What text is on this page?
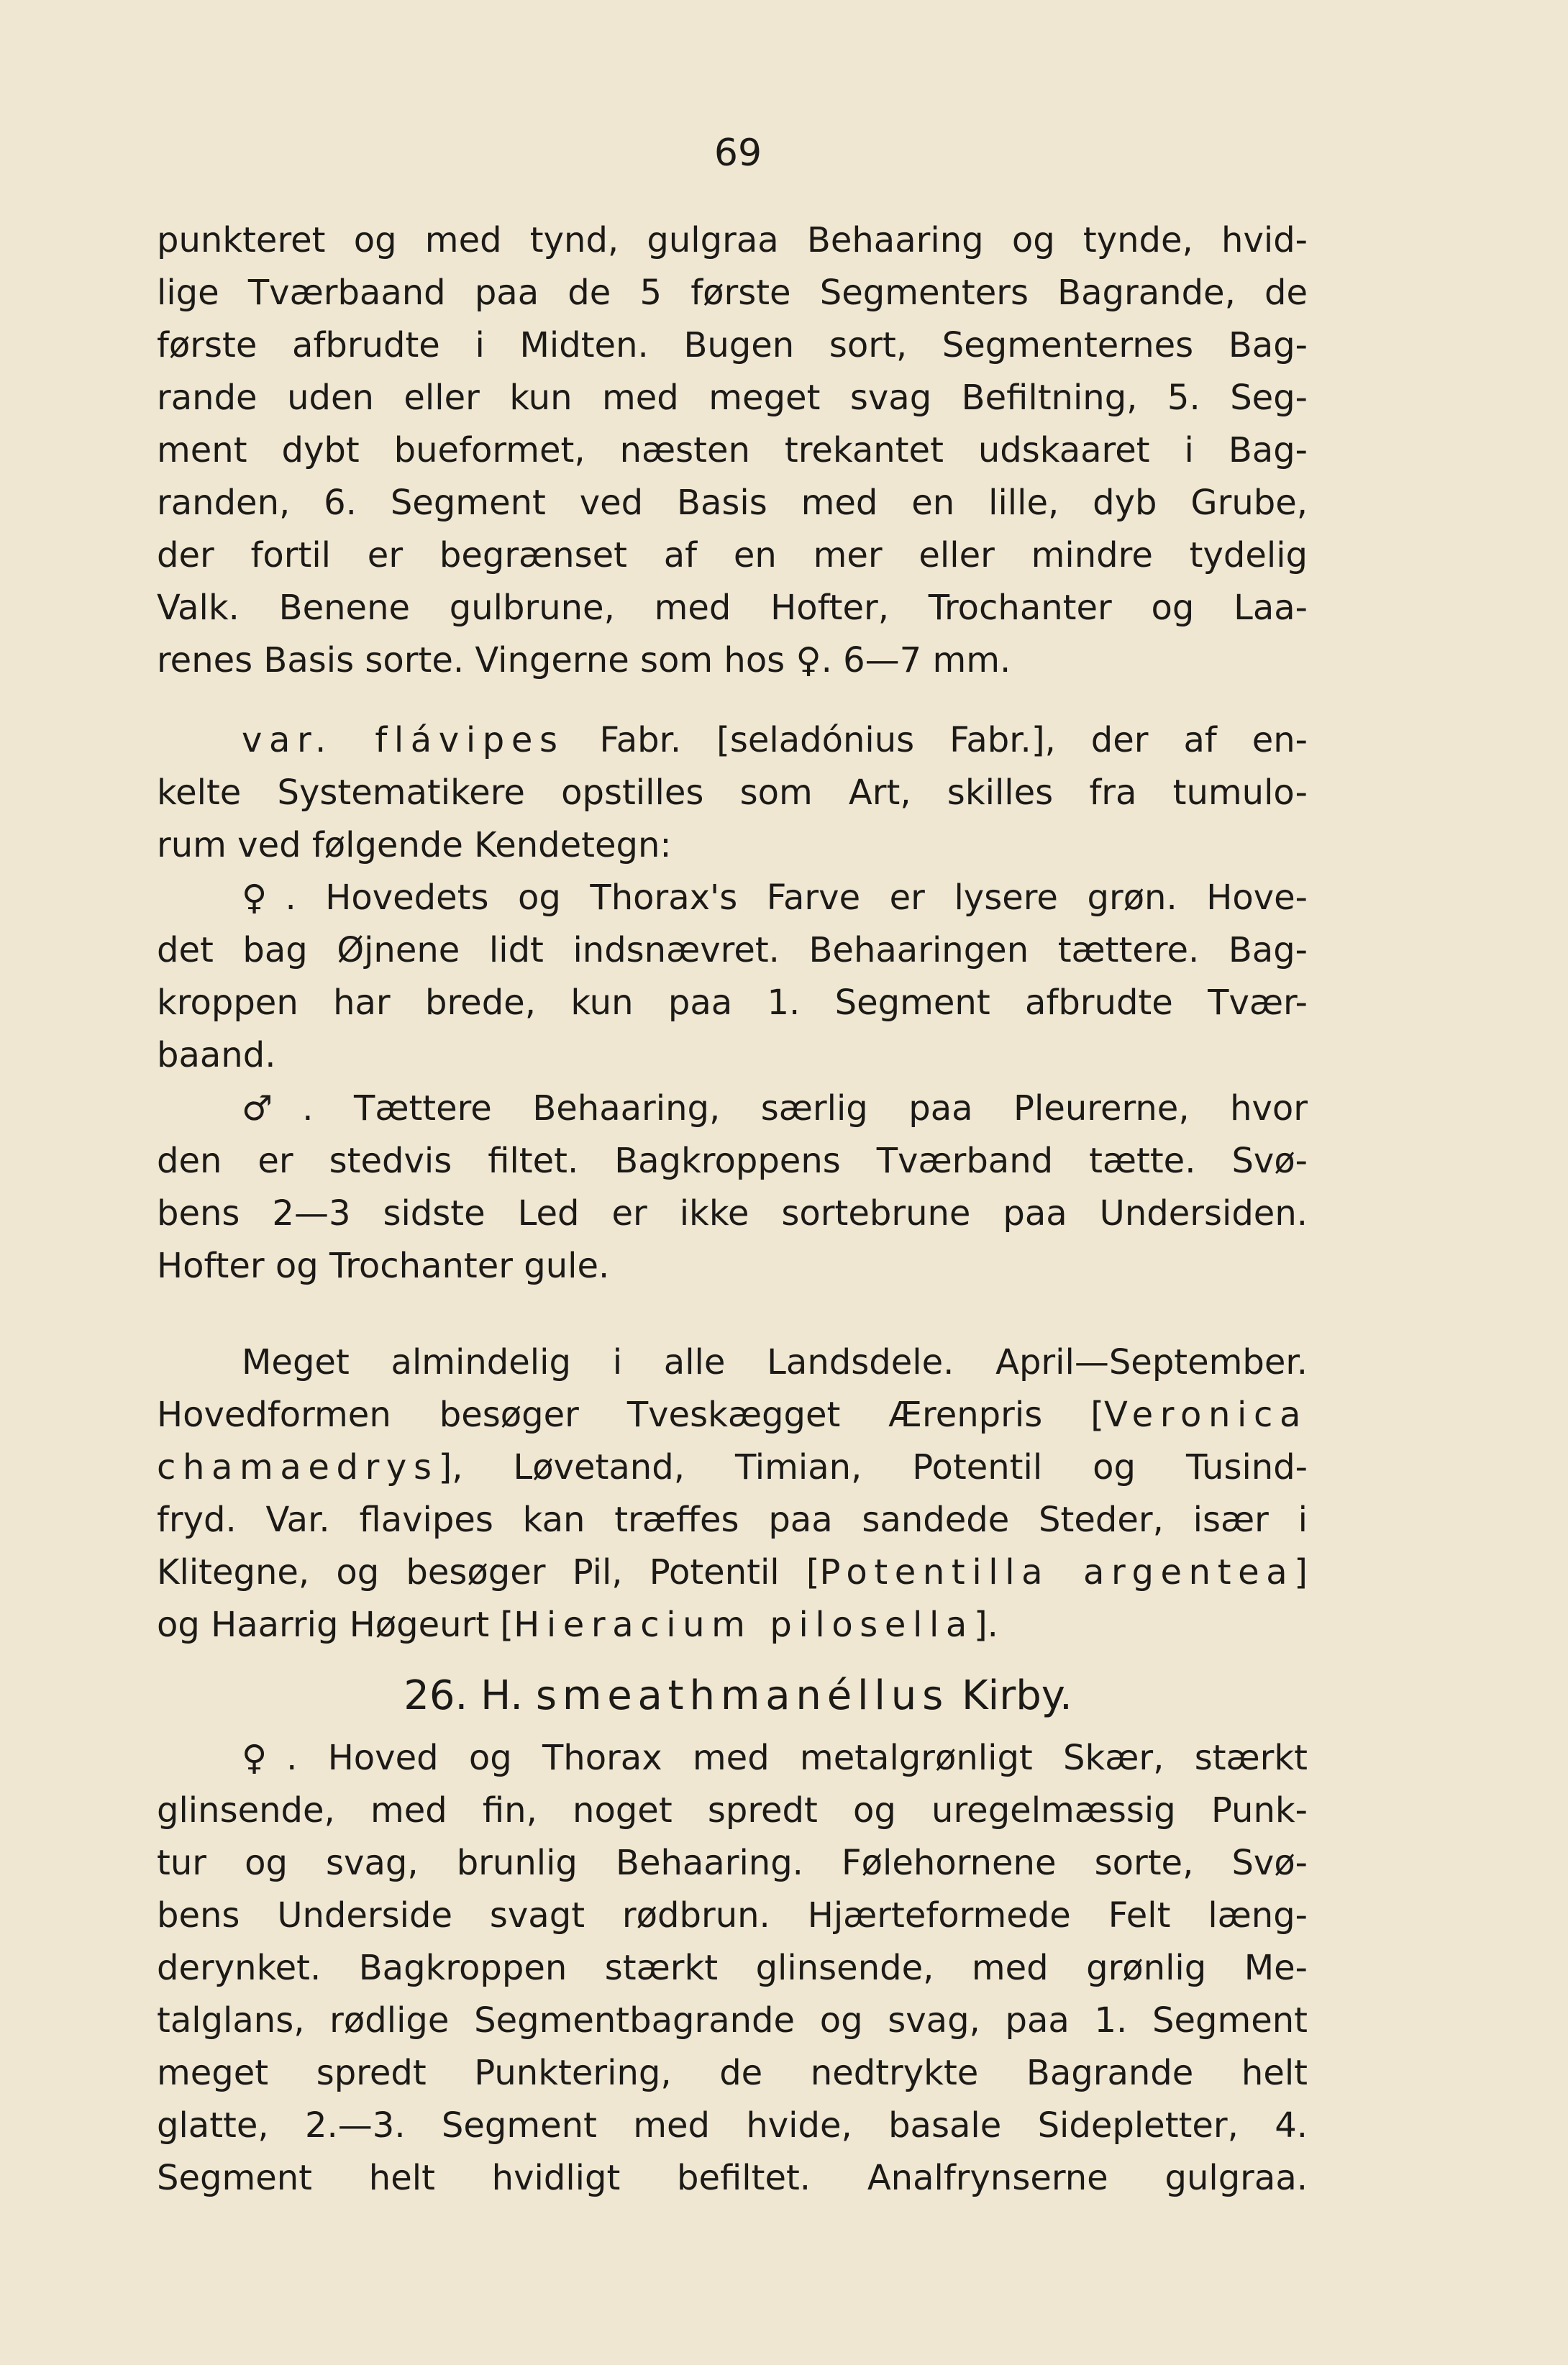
69
punkteret og med tynd, gulgraa Behaaring og tynde, hvid-
lige Tværbaand paa de 5 første Segmenters Bagrande, de
første afbrudte i Midten. Bugen sort, Segmenternes Bag-
rande uden eller kun med meget svag Befiltning, 5. Seg-
ment dybt bueformet, næsten trekantet udskaaret i Bag-
randen, 6. Segment ved Basis med en lille, dyb Grube,
der fortil er begrænset af en mer eller mindre tydelig
Valk. Benene gulbrune, med Hofter, Trochanter og Laa-
renes Basis sorte. Vingerne som hos ♀. 6—7 mm.
var. flávipes Fabr. [seladónius Fabr.], der af en-
kelte Systematikere opstilles som Art, skilles fra tumulo-
rum ved følgende Kendetegn:
♀. Hovedets og Thorax's Farve er lysere grøn. Hove-
det bag Øjnene lidt indsnævret. Behaaringen tættere. Bag-
kroppen har brede, kun paa 1. Segment afbrudte Tvær-
baand.
♂. Tættere Behaaring, særlig paa Pleurerne, hvor
den er stedvis filtet. Bagkroppens Tværband tætte. Svø-
bens 2—3 sidste Led er ikke sortebrune paa Undersiden.
Hofter og Trochanter gule.
Meget almindelig i alle Landsdele. April—September.
Hovedformen besøger Tveskægget Ærenpris [Veronica
chamaedrys], Løvetand, Timian, Potentil og Tusind-
fryd. Var. flavipes kan træffes paa sandede Steder, især i
Klitegne, og besøger Pil, Potentil [Potentilla argentea]
og Haarrig Høgeurt [Hieracium pilosella].
26. H. smeathmanéllus Kirby.
♀. Hoved og Thorax med metalgrønligt Skær, stærkt
glinsende, med fin, noget spredt og uregelmæssig Punk-
tur og svag, brunlig Behaaring. Følehornene sorte, Svø-
bens Underside svagt rødbrun. Hjærteformede Felt læng-
derynket. Bagkroppen stærkt glinsende, med grønlig Me-
talglans, rødlige Segmentbagrande og svag, paa 1. Segment
meget spredt Punktering, de nedtrykte Bagrande helt
glatte, 2.—3. Segment med hvide, basale Sidepletter, 4.
Segment helt hvidligt befiltet. Analfrynserne gulgraa.
